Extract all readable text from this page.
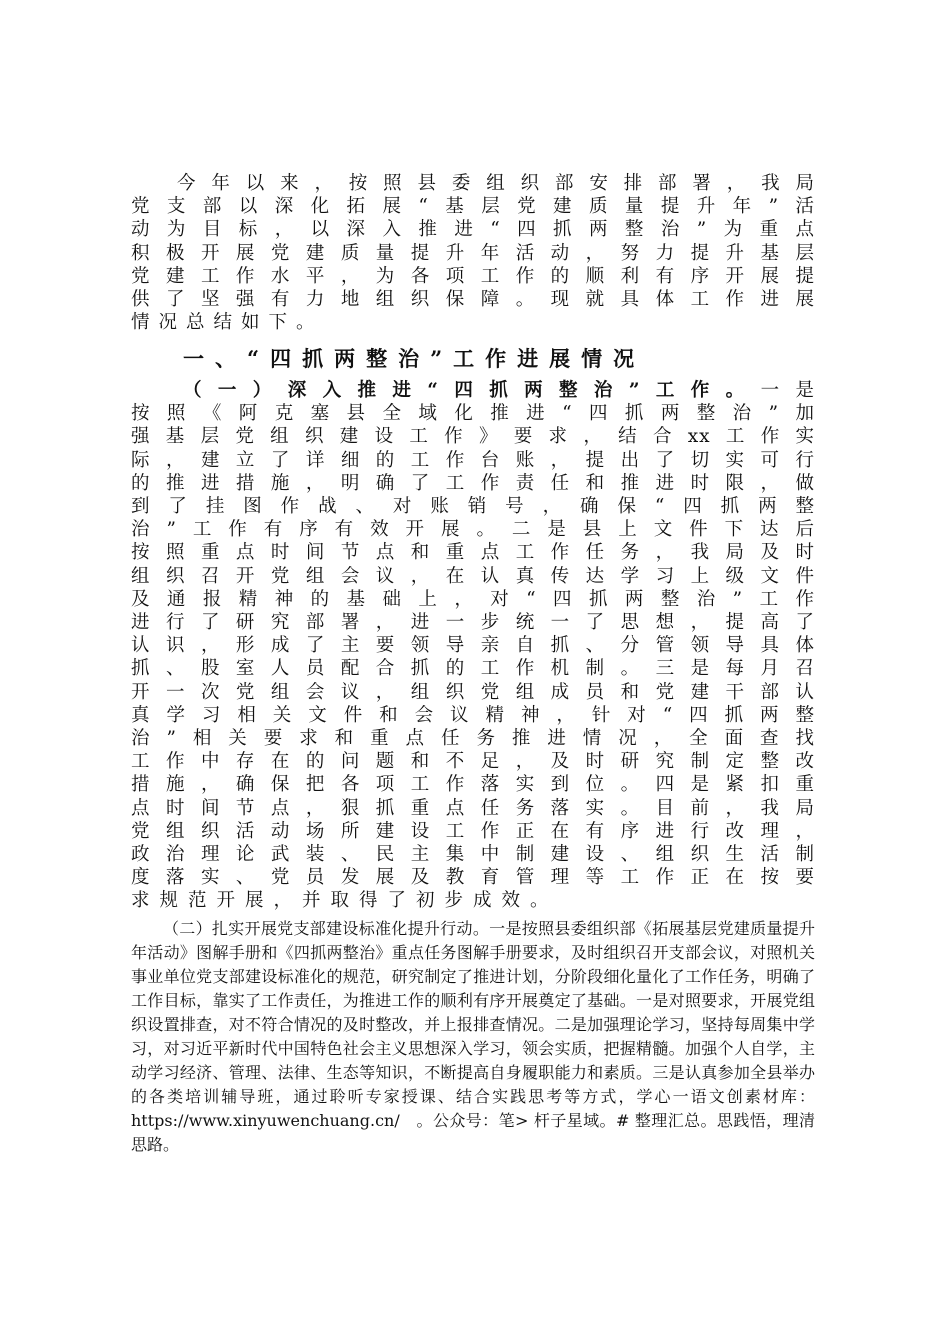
今年以来，按照县委组织部安排部署，我局
党支部以深化拓展“基层党建质量提升年”活
动为目标，以深入推进“四抓两整治”为重点
积极开展党建质量提升年活动，努力提升基层
党建工作水平，为各项工作的顺利有序开展提
供了坚强有力地组织保障。现就具体工作进展
情况总结如下。

一、“四抓两整治”工作进展情况

（一）深入推进“四抓两整治”工作。一是
按照《阿克塞县全域化推进“四抓两整治”加
强基层党组织建设工作》要求，结合xx工作实
际，建立了详细的工作台账，提出了切实可行
的推进措施，明确了工作责任和推进时限，做
到了挂图作战、对账销号，确保“四抓两整
治”工作有序有效开展。二是县上文件下达后
按照重点时间节点和重点工作任务，我局及时
组织召开党组会议，在认真传达学习上级文件
及通报精神的基础上，对“四抓两整治”工作
进行了研究部署，进一步统一了思想，提高了
认识，形成了主要领导亲自抓、分管领导具体
抓、股室人员配合抓的工作机制。三是每月召
开一次党组会议，组织党组成员和党建干部认
真学习相关文件和会议精神，针对“四抓两整
治”相关要求和重点任务推进情况，全面查找
工作中存在的问题和不足，及时研究制定整改
措施，确保把各项工作落实到位。四是紧扣重
点时间节点，狠抓重点任务落实。目前，我局
党组织活动场所建设工作正在有序进行改理，
政治理论武装、民主集中制建设、组织生活制
度落实、党员发展及教育管理等工作正在按要
求规范开展，并取得了初步成效。

（二）扎实开展党支部建设标准化提升行动。一是按照县委组织部《拓展基层党建质量提升年活动》图解手册和《四抓两整治》重点任务图解手册要求，及时组织召开支部会议，对照机关事业单位党支部建设标准化的规范，研究制定了推进计划，分阶段细化量化了工作任务，明确了工作目标，靠实了工作责任，为推进工作的顺利有序开展奠定了基础。一是对照要求，开展党组织设置排查，对不符合情况的及时整改，并上报排查情况。二是加强理论学习，坚持每周集中学习，对习近平新时代中国特色社会主义思想深入学习，领会实质，把握精髓。加强个人自学，主动学习经济、管理、法律、生态等知识，不断提高自身履职能力和素质。三是认真参加全县举办的各类培训辅导班，通过聆听专家授课、结合实践思考等方式，学心一语文创素材库：https://www.xinyuwenchuang.cn/　。公众号：笔> 杆子星域。# 整理汇总。思践悟，理清思路。
